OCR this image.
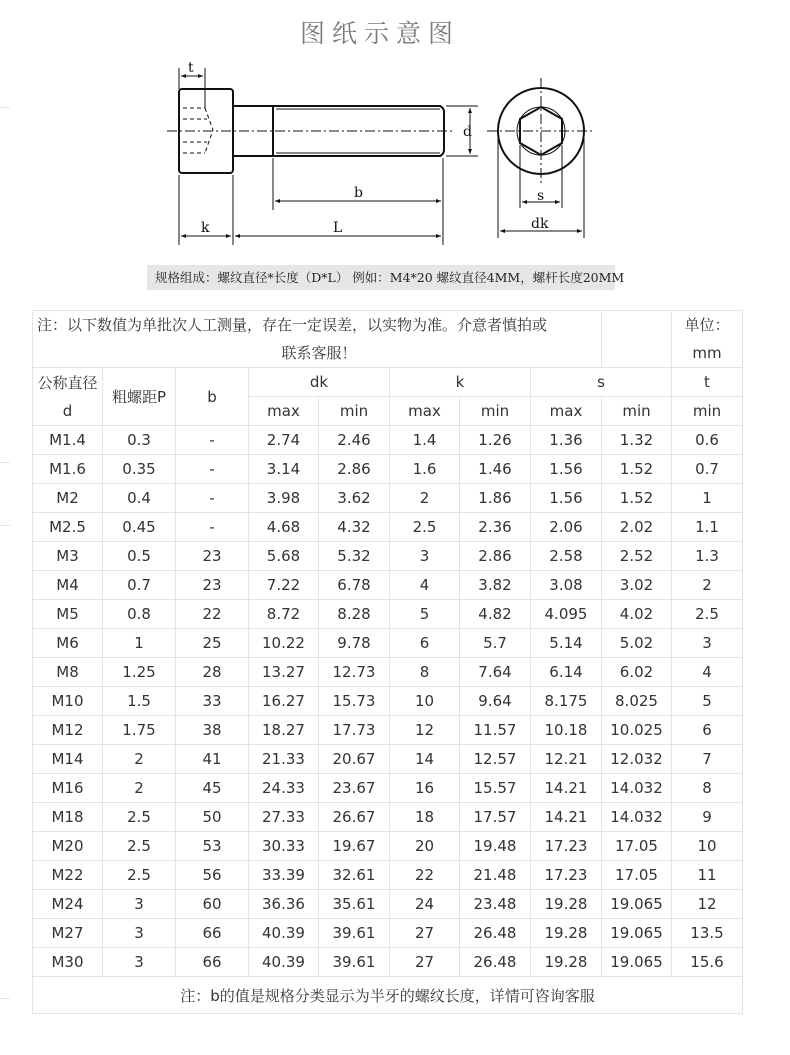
图纸示意图
t
d
b
k	L
s
dk
规格组成：螺纹直径*长度（D*L） 例如：M4*20 螺纹直径4MM，螺杆长度20MM
注：以下数值为单批次人工测量，存在一定误差，以实物为准。介意者慎拍或
联系客服！

单位：
mm

公称直径
d	粗螺距P	b	dk		k		s		t
			max	min	max	min	max	min	min
M1.4	0.3	-	2.74	2.46	1.4	1.26	1.36	1.32	0.6
M1.6	0.35	-	3.14	2.86	1.6	1.46	1.56	1.52	0.7
M2	0.4	-	3.98	3.62	2	1.86	1.56	1.52	1
M2.5	0.45	-	4.68	4.32	2.5	2.36	2.06	2.02	1.1
M3	0.5	23	5.68	5.32	3	2.86	2.58	2.52	1.3
M4	0.7	23	7.22	6.78	4	3.82	3.08	3.02	2
M5	0.8	22	8.72	8.28	5	4.82	4.095	4.02	2.5
M6	1	25	10.22	9.78	6	5.7	5.14	5.02	3
M8	1.25	28	13.27	12.73	8	7.64	6.14	6.02	4
M10	1.5	33	16.27	15.73	10	9.64	8.175	8.025	5
M12	1.75	38	18.27	17.73	12	11.57	10.18	10.025	6
M14	2	41	21.33	20.67	14	12.57	12.21	12.032	7
M16	2	45	24.33	23.67	16	15.57	14.21	14.032	8
M18	2.5	50	27.33	26.67	18	17.57	14.21	14.032	9
M20	2.5	53	30.33	19.67	20	19.48	17.23	17.05	10
M22	2.5	56	33.39	32.61	22	21.48	17.23	17.05	11
M24	3	60	36.36	35.61	24	23.48	19.28	19.065	12
M27	3	66	40.39	39.61	27	26.48	19.28	19.065	13.5
M30	3	66	40.39	39.61	27	26.48	19.28	19.065	15.6
注：b的值是规格分类显示为半牙的螺纹长度，详情可咨询客服									
